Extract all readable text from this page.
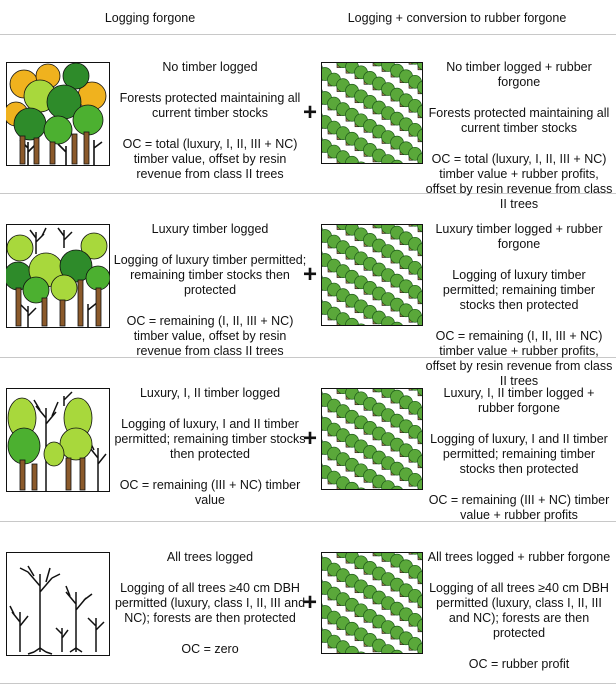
Logging forgone	Logging + conversion to rubber forgone

No timber logged

Forests protected maintaining all current timber stocks

OC = total (luxury, I, II, III + NC) timber value, offset by resin revenue from class II trees

+

No timber logged + rubber forgone

Forests protected maintaining all current timber stocks

OC = total (luxury, I, II, III + NC) timber value + rubber profits, offset by resin revenue from class II trees

Luxury timber logged

Logging of luxury timber permitted; remaining timber stocks then protected

OC = remaining (I, II, III + NC) timber value, offset by resin revenue from class II trees

+

Luxury timber logged + rubber forgone

Logging of luxury timber permitted; remaining timber stocks then protected

OC = remaining (I, II, III + NC) timber value + rubber profits, offset by resin revenue from class II trees

Luxury, I, II timber logged

Logging of luxury, I and II timber permitted; remaining timber stocks then protected

OC = remaining (III + NC) timber value

+

Luxury, I, II timber logged + rubber forgone

Logging of luxury, I and II timber permitted; remaining timber stocks then protected

OC = remaining (III + NC) timber value + rubber profits

All trees logged

Logging of all trees ≥40 cm DBH permitted (luxury, class I, II, III and NC); forests are then protected

OC = zero

+

All trees logged + rubber forgone

Logging of all trees ≥40 cm DBH permitted (luxury, class I, II, III and NC); forests are then protected

OC = rubber profit
